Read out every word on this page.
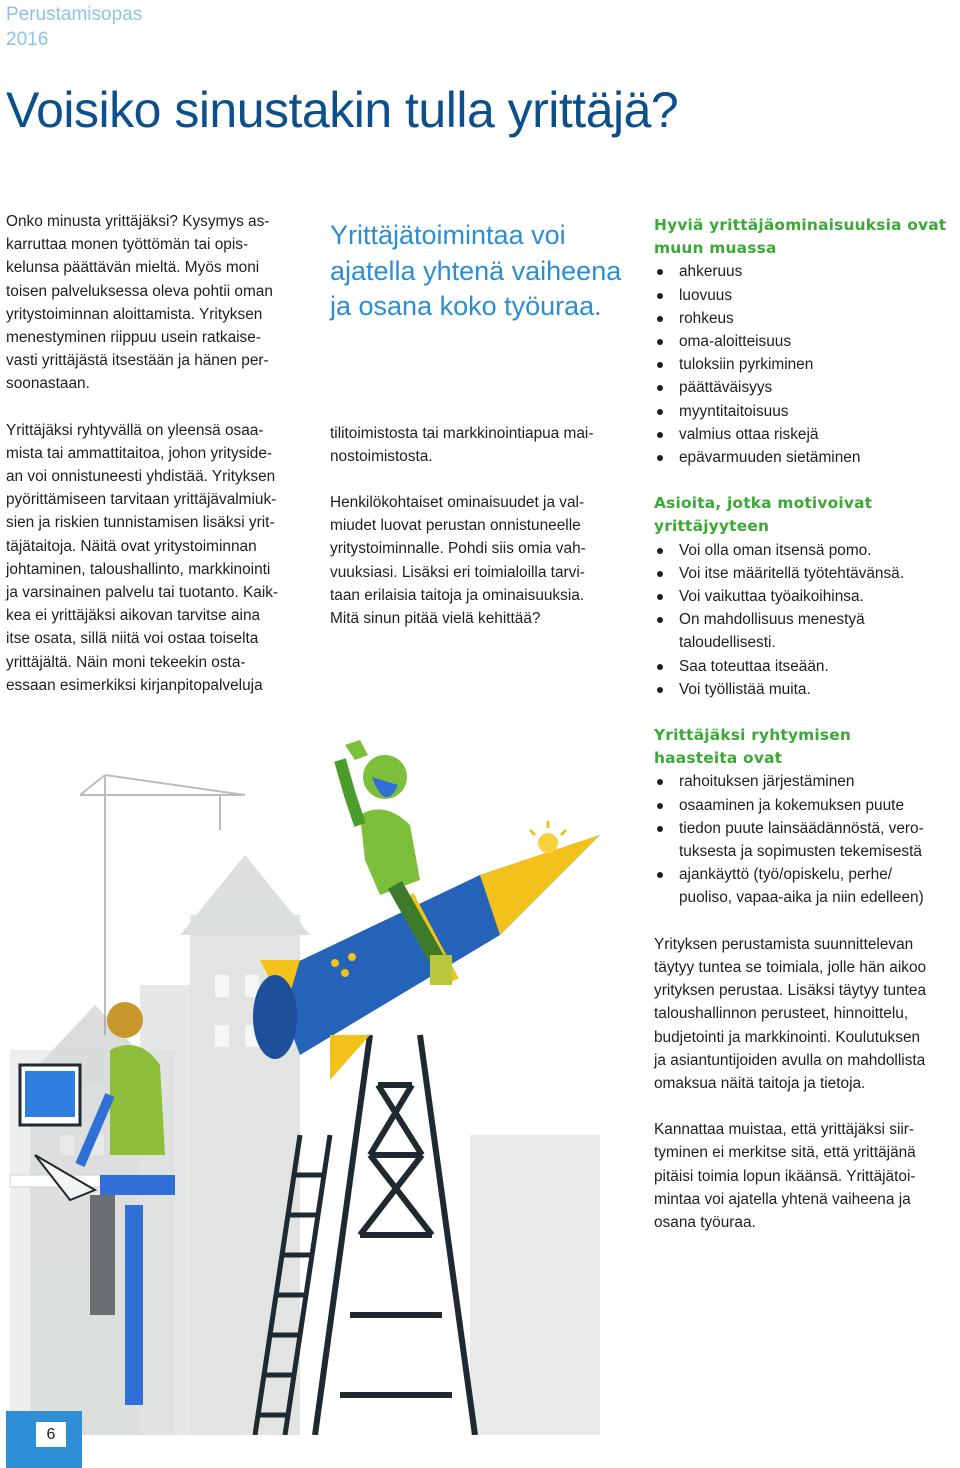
Perustamisopas
2016
Voisiko sinustakin tulla yrittäjä?

Onko minusta yrittäjäksi? Kysymys as-

karruttaa monen työttömän tai opis-

kelunsa päättävän mieltä. Myös moni

toisen palveluksessa oleva pohtii oman

yritystoiminnan aloittamista. Yrityksen

menestyminen riippuu usein ratkaise-

vasti yrittäjästä itsestään ja hänen per-

soonastaan.

Yrittäjäksi ryhtyvällä on yleensä osaa-

mista tai ammattitaitoa, johon yrityside-

an voi onnistuneesti yhdistää. Yrityksen

pyörittämiseen tarvitaan yrittäjävalmiuk-

sien ja riskien tunnistamisen lisäksi yrit-

täjätaitoja. Näitä ovat yritystoiminnan

johtaminen, taloushallinto, markkinointi

ja varsinainen palvelu tai tuotanto. Kaik-

kea ei yrittäjäksi aikovan tarvitse aina

itse osata, sillä niitä voi ostaa toiselta

yrittäjältä. Näin moni tekeekin osta-

essaan esimerkiksi kirjanpitopalveluja

Yrittäjätoimintaa voi

ajatella yhtenä vaiheena

ja osana koko työuraa.

tilitoimistosta tai markkinointiapua mai-

nostoimistosta.

Henkilökohtaiset ominaisuudet ja val-

miudet luovat perustan onnistuneelle

yritystoiminnalle. Pohdi siis omia vah-

vuuksiasi. Lisäksi eri toimialoilla tarvi-

taan erilaisia taitoja ja ominaisuuksia.

Mitä sinun pitää vielä kehittää?

Hyviä yrittäjäominaisuuksia ovat
muun muassa
ahkeruus
luovuus
rohkeus
oma-aloitteisuus
tuloksiin pyrkiminen
päättäväisyys
myyntitaitoisuus
valmius ottaa riskejä
epävarmuuden sietäminen
Asioita, jotka motivoivat
yrittäjyyteen
Voi olla oman itsensä pomo.
Voi itse määritellä työtehtävänsä.
Voi vaikuttaa työaikoihinsa.
On mahdollisuus menestyä
taloudellisesti.
Saa toteuttaa itseään.
Voi työllistää muita.
Yrittäjäksi ryhtymisen
haasteita ovat
rahoituksen järjestäminen
osaaminen ja kokemuksen puute
tiedon puute lainsäädännöstä, vero-
tuksesta ja sopimusten tekemisestä
ajankäyttö (työ/opiskelu, perhe/
puoliso, vapaa-aika ja niin edelleen)

Yrityksen perustamista suunnittelevan

täytyy tuntea se toimiala, jolle hän aikoo

yrityksen perustaa. Lisäksi täytyy tuntea

taloushallinnon perusteet, hinnoittelu,

budjetointi ja markkinointi. Koulutuksen

ja asiantuntijoiden avulla on mahdollista

omaksua näitä taitoja ja tietoja.

Kannattaa muistaa, että yrittäjäksi siir-

tyminen ei merkitse sitä, että yrittäjänä

pitäisi toimia lopun ikäänsä. Yrittäjätoi-

mintaa voi ajatella yhtenä vaiheena ja

osana työuraa.

6
